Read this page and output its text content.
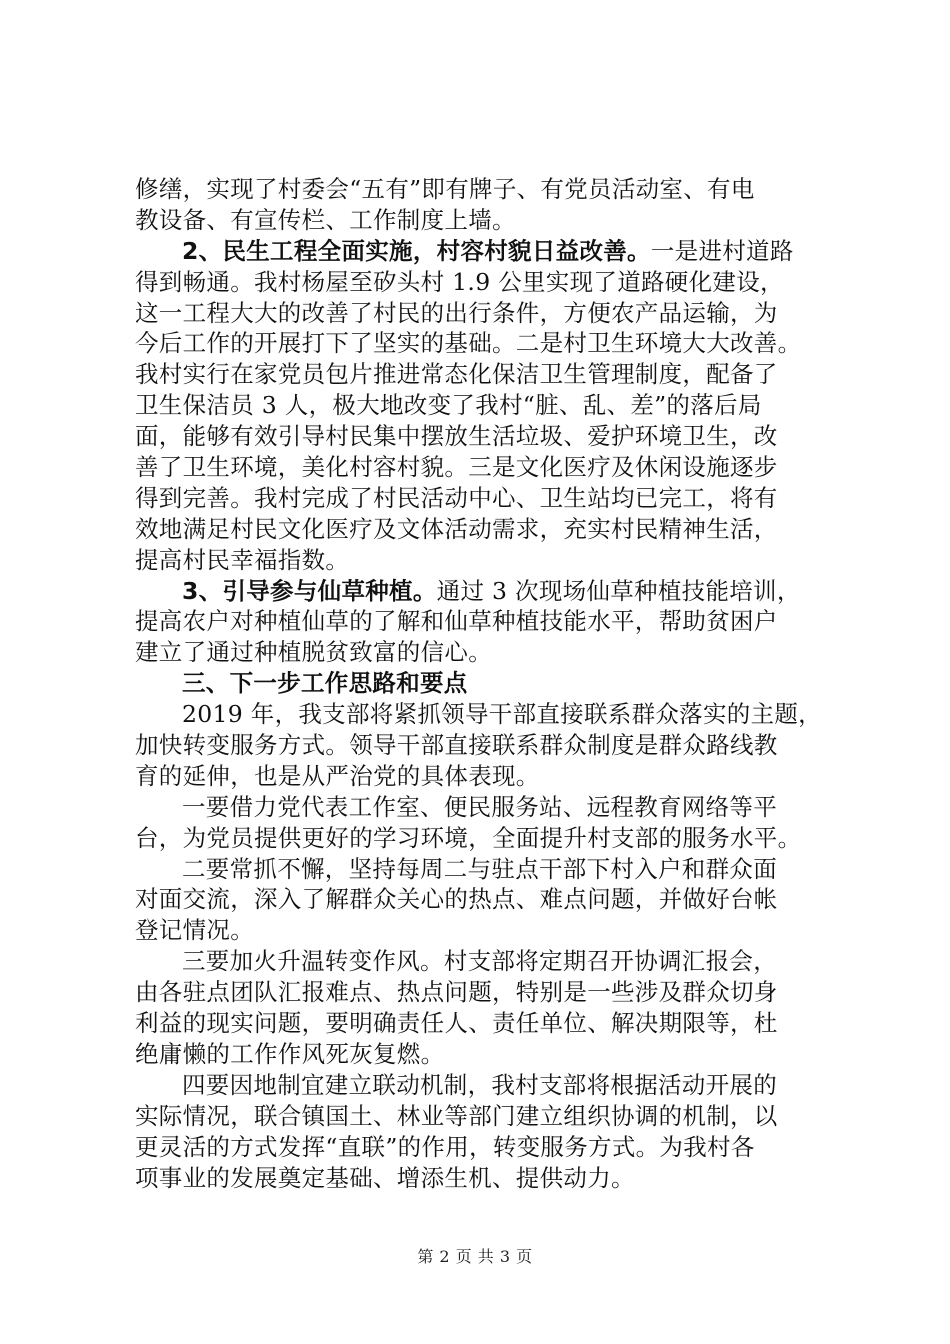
修缮，实现了村委会“五有”即有牌子、有党员活动室、有电
教设备、有宣传栏、工作制度上墙。
2、民生工程全面实施，村容村貌日益改善。一是进村道路
得到畅通。我村杨屋至矽头村 1.9 公里实现了道路硬化建设，
这一工程大大的改善了村民的出行条件，方便农产品运输，为
今后工作的开展打下了坚实的基础。二是村卫生环境大大改善。
我村实行在家党员包片推进常态化保洁卫生管理制度，配备了
卫生保洁员 3 人，极大地改变了我村“脏、乱、差”的落后局
面，能够有效引导村民集中摆放生活垃圾、爱护环境卫生，改
善了卫生环境，美化村容村貌。三是文化医疗及休闲设施逐步
得到完善。我村完成了村民活动中心、卫生站均已完工，将有
效地满足村民文化医疗及文体活动需求，充实村民精神生活，
提高村民幸福指数。
3、引导参与仙草种植。通过 3 次现场仙草种植技能培训，
提高农户对种植仙草的了解和仙草种植技能水平，帮助贫困户
建立了通过种植脱贫致富的信心。
三、下一步工作思路和要点
2019 年，我支部将紧抓领导干部直接联系群众落实的主题，
加快转变服务方式。领导干部直接联系群众制度是群众路线教
育的延伸，也是从严治党的具体表现。
一要借力党代表工作室、便民服务站、远程教育网络等平
台，为党员提供更好的学习环境，全面提升村支部的服务水平。
二要常抓不懈，坚持每周二与驻点干部下村入户和群众面
对面交流，深入了解群众关心的热点、难点问题，并做好台帐
登记情况。
三要加火升温转变作风。村支部将定期召开协调汇报会，
由各驻点团队汇报难点、热点问题，特别是一些涉及群众切身
利益的现实问题，要明确责任人、责任单位、解决期限等，杜
绝庸懒的工作作风死灰复燃。
四要因地制宜建立联动机制，我村支部将根据活动开展的
实际情况，联合镇国土、林业等部门建立组织协调的机制，以
更灵活的方式发挥“直联”的作用，转变服务方式。为我村各
项事业的发展奠定基础、增添生机、提供动力。
第 2 页 共 3 页
